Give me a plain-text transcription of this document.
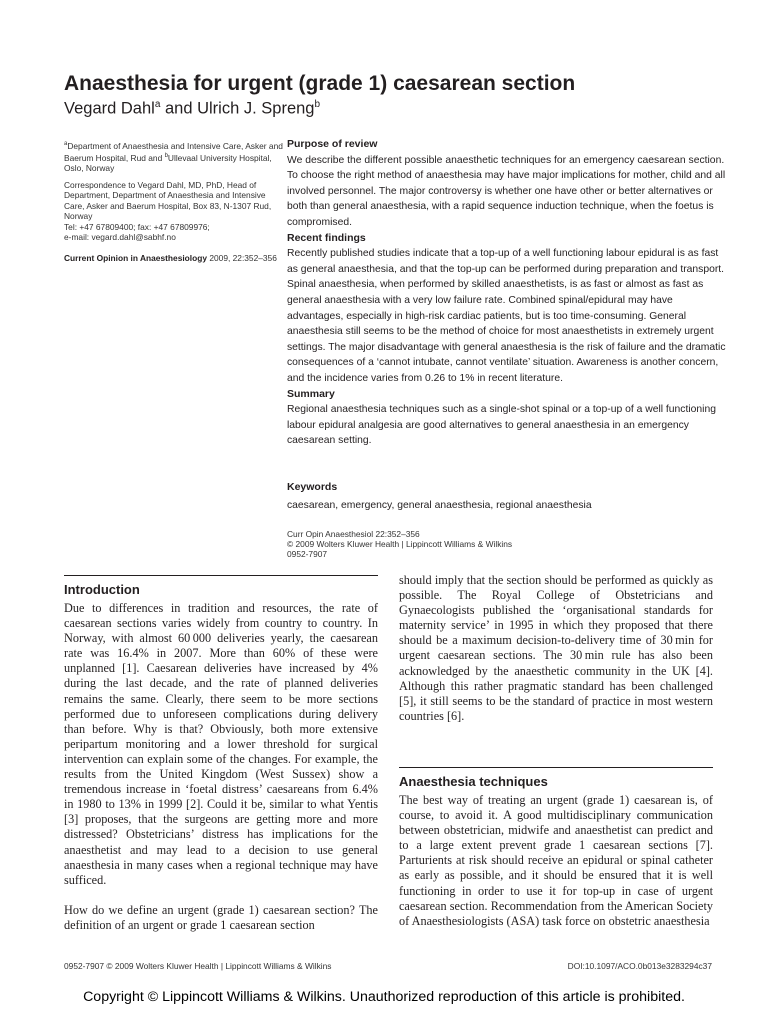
Anaesthesia for urgent (grade 1) caesarean section
Vegard Dahl$^a$ and Ulrich J. Spreng$^b$
$^a$Department of Anaesthesia and Intensive Care, Asker and Baerum Hospital, Rud and $^b$Ullevaal University Hospital, Oslo, Norway
Correspondence to Vegard Dahl, MD, PhD, Head of Department, Department of Anaesthesia and Intensive Care, Asker and Baerum Hospital, Box 83, N-1307 Rud, Norway
Tel: +47 67809400; fax: +47 67809976;
e-mail: vegard.dahl@sabhf.no
Current Opinion in Anaesthesiology 2009, 22:352–356
Purpose of review
We describe the different possible anaesthetic techniques for an emergency caesarean section. To choose the right method of anaesthesia may have major implications for mother, child and all involved personnel. The major controversy is whether one have other or better alternatives or both than general anaesthesia, with a rapid sequence induction technique, when the foetus is compromised.
Recent findings
Recently published studies indicate that a top-up of a well functioning labour epidural is as fast as general anaesthesia, and that the top-up can be performed during preparation and transport. Spinal anaesthesia, when performed by skilled anaesthetists, is as fast or almost as fast as general anaesthesia with a very low failure rate. Combined spinal/epidural may have advantages, especially in high-risk cardiac patients, but is too time-consuming. General anaesthesia still seems to be the method of choice for most anaesthetists in extremely urgent settings. The major disadvantage with general anaesthesia is the risk of failure and the dramatic consequences of a ‘cannot intubate, cannot ventilate’ situation. Awareness is another concern, and the incidence varies from 0.26 to 1% in recent literature.
Summary
Regional anaesthesia techniques such as a single-shot spinal or a top-up of a well functioning labour epidural analgesia are good alternatives to general anaesthesia in an emergency caesarean setting.
Keywords
caesarean, emergency, general anaesthesia, regional anaesthesia
Curr Opin Anaesthesiol 22:352–356
© 2009 Wolters Kluwer Health | Lippincott Williams & Wilkins
0952-7907
Introduction

Due to differences in tradition and resources, the rate of caesarean sections varies widely from country to country. In Norway, with almost 60 000 deliveries yearly, the caesarean rate was 16.4% in 2007. More than 60% of these were unplanned [1]. Caesarean deliveries have increased by 4% during the last decade, and the rate of planned deliveries remains the same. Clearly, there seem to be more sections performed due to unforeseen complications during delivery than before. Why is that? Obviously, both more extensive peripartum monitoring and a lower threshold for surgical intervention can explain some of the changes. For example, the results from the United Kingdom (West Sussex) show a tremendous increase in ‘foetal distress’ caesareans from 6.4% in 1980 to 13% in 1999 [2]. Could it be, similar to what Yentis [3] proposes, that the surgeons are getting more and more distressed? Obstetricians’ distress has implications for the anaesthetist and may lead to a decision to use general anaesthesia in many cases when a regional technique may have sufficed.

How do we define an urgent (grade 1) caesarean section? The definition of an urgent or grade 1 caesarean section

should imply that the section should be performed as quickly as possible. The Royal College of Obstetricians and Gynaecologists published the ‘organisational standards for maternity service’ in 1995 in which they proposed that there should be a maximum decision-to-delivery time of 30 min for urgent caesarean sections. The 30 min rule has also been acknowledged by the anaesthetic community in the UK [4]. Although this rather pragmatic standard has been challenged [5], it still seems to be the standard of practice in most western countries [6].

Anaesthesia techniques

The best way of treating an urgent (grade 1) caesarean is, of course, to avoid it. A good multidisciplinary communication between obstetrician, midwife and anaesthetist can predict and to a large extent prevent grade 1 caesarean sections [7]. Parturients at risk should receive an epidural or spinal catheter as early as possible, and it should be ensured that it is well functioning in order to use it for top-up in case of urgent caesarean section. Recommendation from the American Society of Anaesthesiologists (ASA) task force on obstetric anaesthesia

0952-7907 © 2009 Wolters Kluwer Health | Lippincott Williams & Wilkins	DOI:10.1097/ACO.0b013e3283294c37
Copyright © Lippincott Williams & Wilkins. Unauthorized reproduction of this article is prohibited.
